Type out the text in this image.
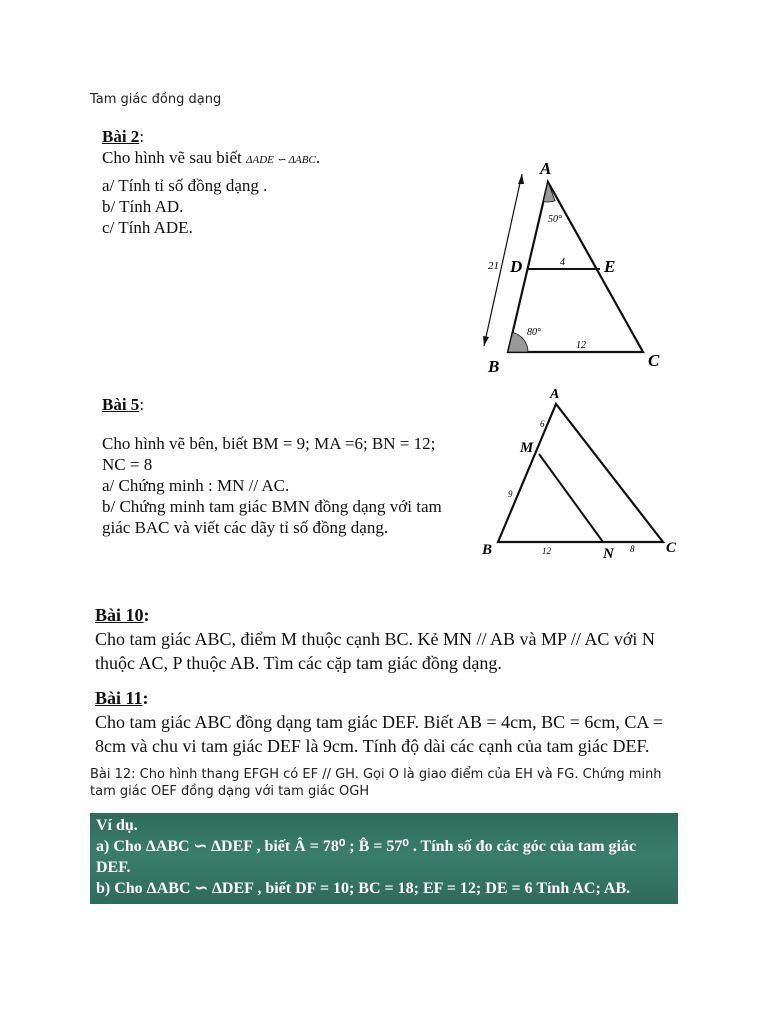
Tam giác đồng dạng
Bài 2:
Cho hình vẽ sau biết ΔADE ∽ ΔABC.
a/ Tính tỉ số đồng dạng .
b/ Tính AD.
c/ Tính ADE.
A
D	E
B	C
50°
80°
21	4
12
Bài 5:
Cho hình vẽ bên, biết BM = 9; MA =6; BN = 12;
NC = 8
a/ Chứng minh : MN // AC.
b/ Chứng minh tam giác BMN đồng dạng với tam
giác BAC và viết các dãy tỉ số đồng dạng.
A
M
B	N	C
6
9
12	8
Bài 10:
Cho tam giác ABC, điểm M thuộc cạnh BC. Kẻ MN // AB và MP // AC với N thuộc AC, P thuộc AB. Tìm các cặp tam giác đồng dạng.
Bài 11:
Cho tam giác ABC đồng dạng tam giác DEF. Biết AB = 4cm, BC = 6cm, CA = 8cm và chu vi tam giác DEF là 9cm. Tính độ dài các cạnh của tam giác DEF.
Bài 12: Cho hình thang EFGH có EF // GH. Gọi O là giao điểm của EH và FG. Chứng minh tam giác OEF đồng dạng với tam giác OGH
Ví dụ.
a) Cho ΔABC ∽ ΔDEF , biết Â = 78⁰ ; B̂ = 57⁰ . Tính số đo các góc của tam giác
DEF.
b) Cho ΔABC ∽ ΔDEF , biết DF = 10; BC = 18; EF = 12; DE = 6 Tính AC; AB.
